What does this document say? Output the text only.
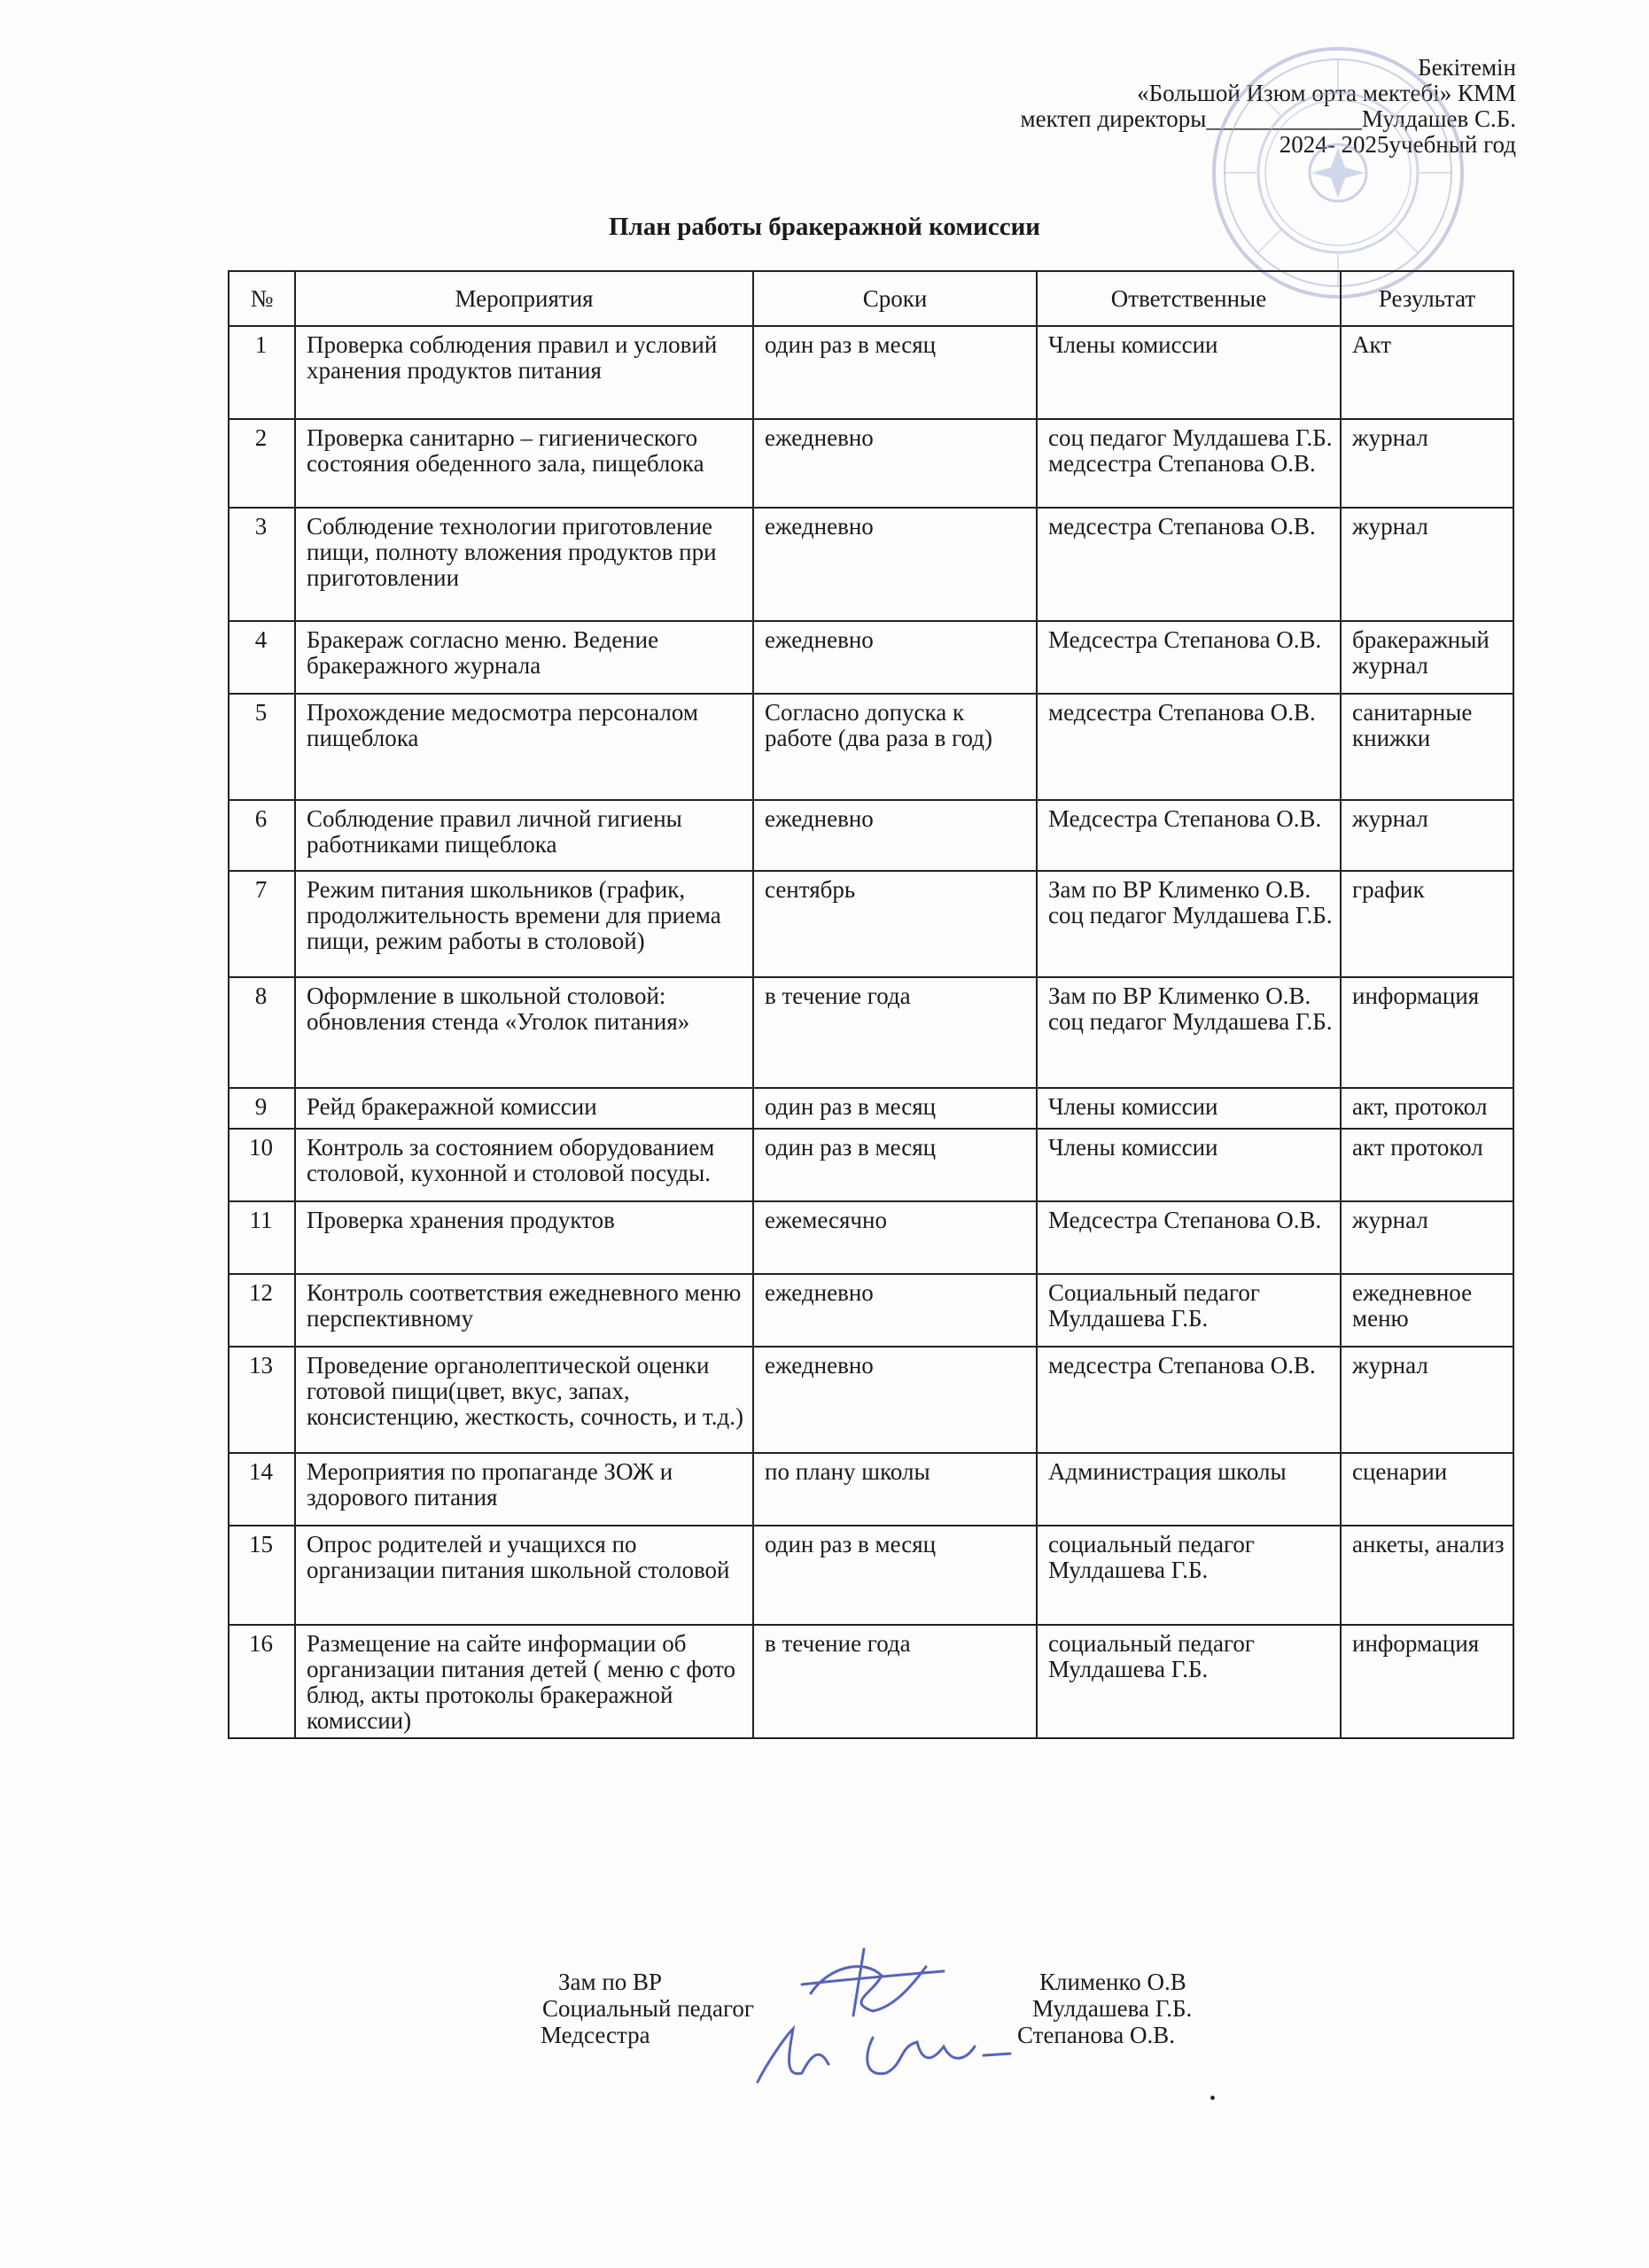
Бекітемін
«Большой Изюм орта мектебі» КММ
мектеп директоры_____________Мулдашев С.Б.
2024- 2025учебный год
План работы бракеражной комиссии
№	Мероприятия	Сроки	Ответственные	Результат
1	Проверка соблюдения правил и условий хранения продуктов питания	один раз в месяц	Члены комиссии	Акт
2	Проверка санитарно – гигиенического состояния обеденного зала, пищеблока	ежедневно	соц педагог Мулдашева Г.Б. медсестра Степанова О.В.	журнал
3	Соблюдение технологии приготовление пищи, полноту вложения продуктов при приготовлении	ежедневно	медсестра Степанова О.В.	журнал
4	Бракераж согласно меню. Ведение бракеражного журнала	ежедневно	Медсестра Степанова О.В.	бракеражный журнал
5	Прохождение медосмотра персоналом пищеблока	Согласно допуска к работе (два раза в год)	медсестра Степанова О.В.	санитарные книжки
6	Соблюдение правил личной гигиены работниками пищеблока	ежедневно	Медсестра Степанова О.В.	журнал
7	Режим питания школьников (график, продолжительность времени для приема пищи, режим работы в столовой)	сентябрь	Зам по ВР Клименко О.В. соц педагог Мулдашева Г.Б.	график
8	Оформление в школьной столовой: обновления стенда «Уголок питания»	в течение года	Зам по ВР Клименко О.В. соц педагог Мулдашева Г.Б.	информация
9	Рейд бракеражной комиссии	один раз в месяц	Члены комиссии	акт, протокол
10	Контроль за состоянием оборудованием столовой, кухонной и столовой посуды.	один раз в месяц	Члены комиссии	акт протокол
11	Проверка хранения продуктов	ежемесячно	Медсестра Степанова О.В.	журнал
12	Контроль соответствия ежедневного меню перспективному	ежедневно	Социальный педагог Мулдашева Г.Б.	ежедневное меню
13	Проведение органолептической оценки готовой пищи(цвет, вкус, запах, консистенцию, жесткость, сочность, и т.д.)	ежедневно	медсестра Степанова О.В.	журнал
14	Мероприятия по пропаганде ЗОЖ и здорового питания	по плану школы	Администрация школы	сценарии
15	Опрос родителей и учащихся по организации питания школьной столовой	один раз в месяц	социальный педагог Мулдашева Г.Б.	анкеты, анализ
16	Размещение на сайте информации об организации питания детей ( меню с фото блюд, акты протоколы бракеражной комиссии)	в течение года	социальный педагог Мулдашева Г.Б.	информация
Зам по ВР
Социальный педагог
Медсестра
Клименко О.В
Мулдашева Г.Б.
Степанова О.В.
•
